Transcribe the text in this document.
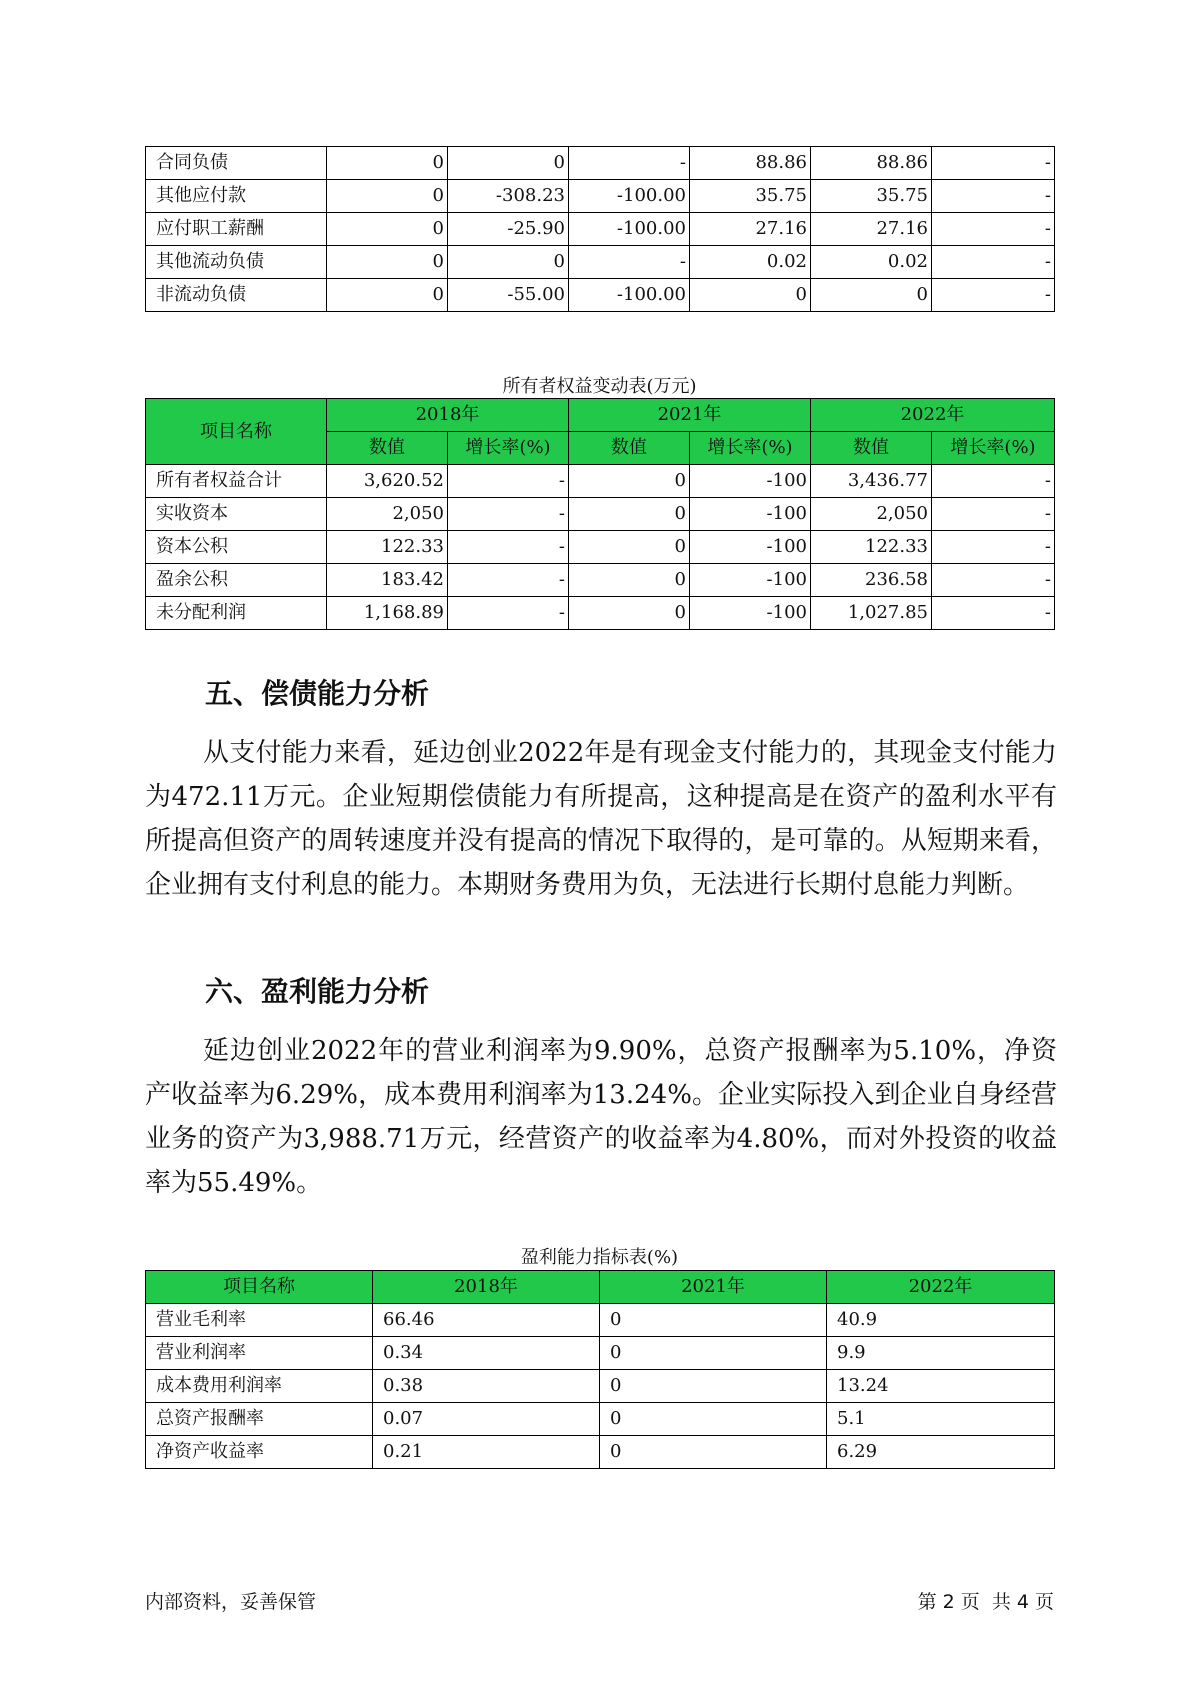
合同负债	0	0	-	88.86	88.86	-
其他应付款	0	-308.23	-100.00	35.75	35.75	-
应付职工薪酬	0	-25.90	-100.00	27.16	27.16	-
其他流动负债	0	0	-	0.02	0.02	-
非流动负债	0	-55.00	-100.00	0	0	-
所有者权益变动表(万元)
项目名称	2018年		2021年		2022年	
	数值	增长率(%)	数值	增长率(%)	数值	增长率(%)
所有者权益合计	3,620.52	-	0	-100	3,436.77	-
实收资本	2,050	-	0	-100	2,050	-
资本公积	122.33	-	0	-100	122.33	-
盈余公积	183.42	-	0	-100	236.58	-
未分配利润	1,168.89	-	0	-100	1,027.85	-
五、偿债能力分析

从支付能力来看，延边创业2022年是有现金支付能力的，其现金支付能力为472.11万元。企业短期偿债能力有所提高，这种提高是在资产的盈利水平有所提高但资产的周转速度并没有提高的情况下取得的，是可靠的。从短期来看，企业拥有支付利息的能力。本期财务费用为负，无法进行长期付息能力判断。

六、盈利能力分析

延边创业2022年的营业利润率为9.90%，总资产报酬率为5.10%，净资产收益率为6.29%，成本费用利润率为13.24%。企业实际投入到企业自身经营业务的资产为3,988.71万元，经营资产的收益率为4.80%，而对外投资的收益率为55.49%。

盈利能力指标表(%)
项目名称	2018年	2021年	2022年
营业毛利率	66.46	0	40.9
营业利润率	0.34	0	9.9
成本费用利润率	0.38	0	13.24
总资产报酬率	0.07	0	5.1
净资产收益率	0.21	0	6.29
内部资料，妥善保管	第 2 页  共 4 页
